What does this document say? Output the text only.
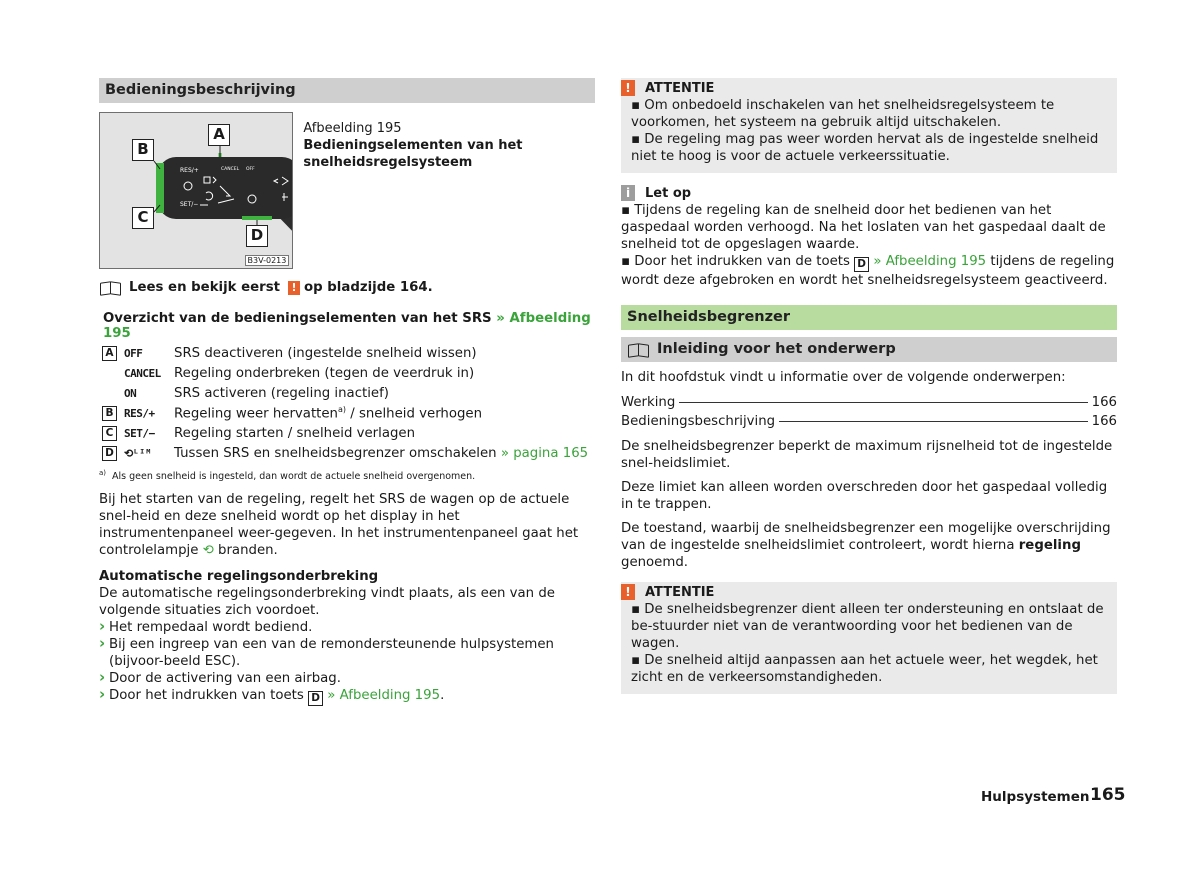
Bedieningsbeschrijving
RES/+	CANCEL OFF
SET/−
A
B
C
D
B3V-0213
Afbeelding 195
Bedieningselementen van het snelheidsregelsysteem
Lees en bekijk eerst	! op bladzijde 164.
Overzicht van de bedieningselementen van het SRS » Afbeelding 195
A OFF	SRS deactiveren (ingestelde snelheid wissen)
CANCEL Regeling onderbreken (tegen de veerdruk in)
ON	SRS activeren (regeling inactief)
B RES/+	Regeling weer hervatten$^{a)}$ / snelheid verhogen
C SET/−	Regeling starten / snelheid verlagen
D ⟲ᴸᴵᴹ	Tussen SRS en snelheidsbegrenzer omschakelen » pagina 165
$^{a)}$ Als geen snelheid is ingesteld, dan wordt de actuele snelheid overgenomen.

Bij het starten van de regeling, regelt het SRS de wagen op de actuele snel-heid en deze snelheid wordt op het display in het instrumentenpaneel weer-gegeven. In het instrumentenpaneel gaat het controlelampje ⟲ branden.

Automatische regelingsonderbreking

De automatische regelingsonderbreking vindt plaats, als een van de volgende situaties zich voordoet.

› Het rempedaal wordt bediend.
› Bij een ingreep van een van de remondersteunende hulpsystemen (bijvoor-beeld ESC).
› Door de activering van een airbag.
› Door het indrukken van toets D » Afbeelding 195.
!	ATTENTIE
▪ Om onbedoeld inschakelen van het snelheidsregelsysteem te voorkomen, het systeem na gebruik altijd uitschakelen.
▪ De regeling mag pas weer worden hervat als de ingestelde snelheid niet te hoog is voor de actuele verkeerssituatie.
i	Let op
▪ Tijdens de regeling kan de snelheid door het bedienen van het gaspedaal worden verhoogd. Na het loslaten van het gaspedaal daalt de snelheid tot de opgeslagen waarde.
▪ Door het indrukken van de toets D » Afbeelding 195 tijdens de regeling wordt deze afgebroken en wordt het snelheidsregelsysteem geactiveerd.
Snelheidsbegrenzer
Inleiding voor het onderwerp

In dit hoofdstuk vindt u informatie over de volgende onderwerpen:

Werking	166
Bedieningsbeschrijving	166

De snelheidsbegrenzer beperkt de maximum rijsnelheid tot de ingestelde snel-heidslimiet.

Deze limiet kan alleen worden overschreden door het gaspedaal volledig in te trappen.

De toestand, waarbij de snelheidsbegrenzer een mogelijke overschrijding van de ingestelde snelheidslimiet controleert, wordt hierna regeling genoemd.

!	ATTENTIE
▪ De snelheidsbegrenzer dient alleen ter ondersteuning en ontslaat de be-stuurder niet van de verantwoording voor het bedienen van de wagen.
▪ De snelheid altijd aanpassen aan het actuele weer, het wegdek, het zicht en de verkeersomstandigheden.
Hulpsystemen 165
